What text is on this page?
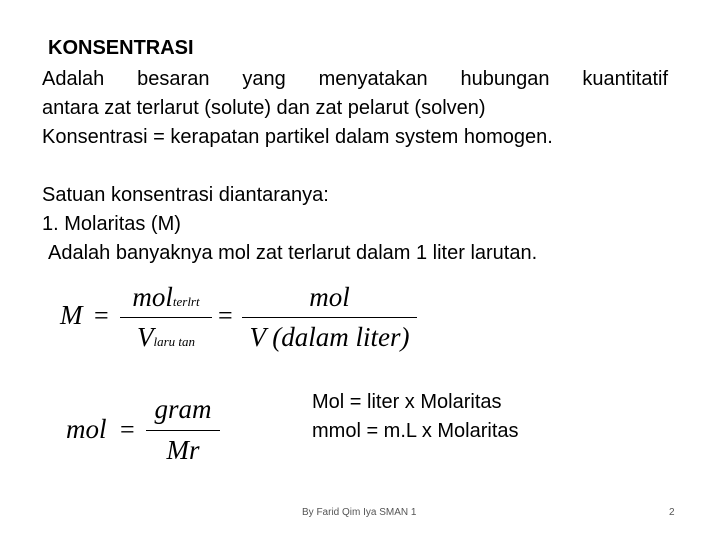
KONSENTRASI
Adalah besaran yang menyatakan hubungan kuantitatif
antara zat terlarut (solute) dan zat pelarut (solven)
Konsentrasi = kerapatan partikel dalam system homogen.
Satuan konsentrasi diantaranya:
1. Molaritas (M)
Adalah banyaknya mol zat terlarut dalam 1 liter larutan.
M =
molterlrt
Vlaru tan
=
mol
V (dalam liter)
mol =
gram
Mr
Mol = liter x Molaritas
mmol = m.L x Molaritas
By Farid Qim Iya SMAN 1	2
